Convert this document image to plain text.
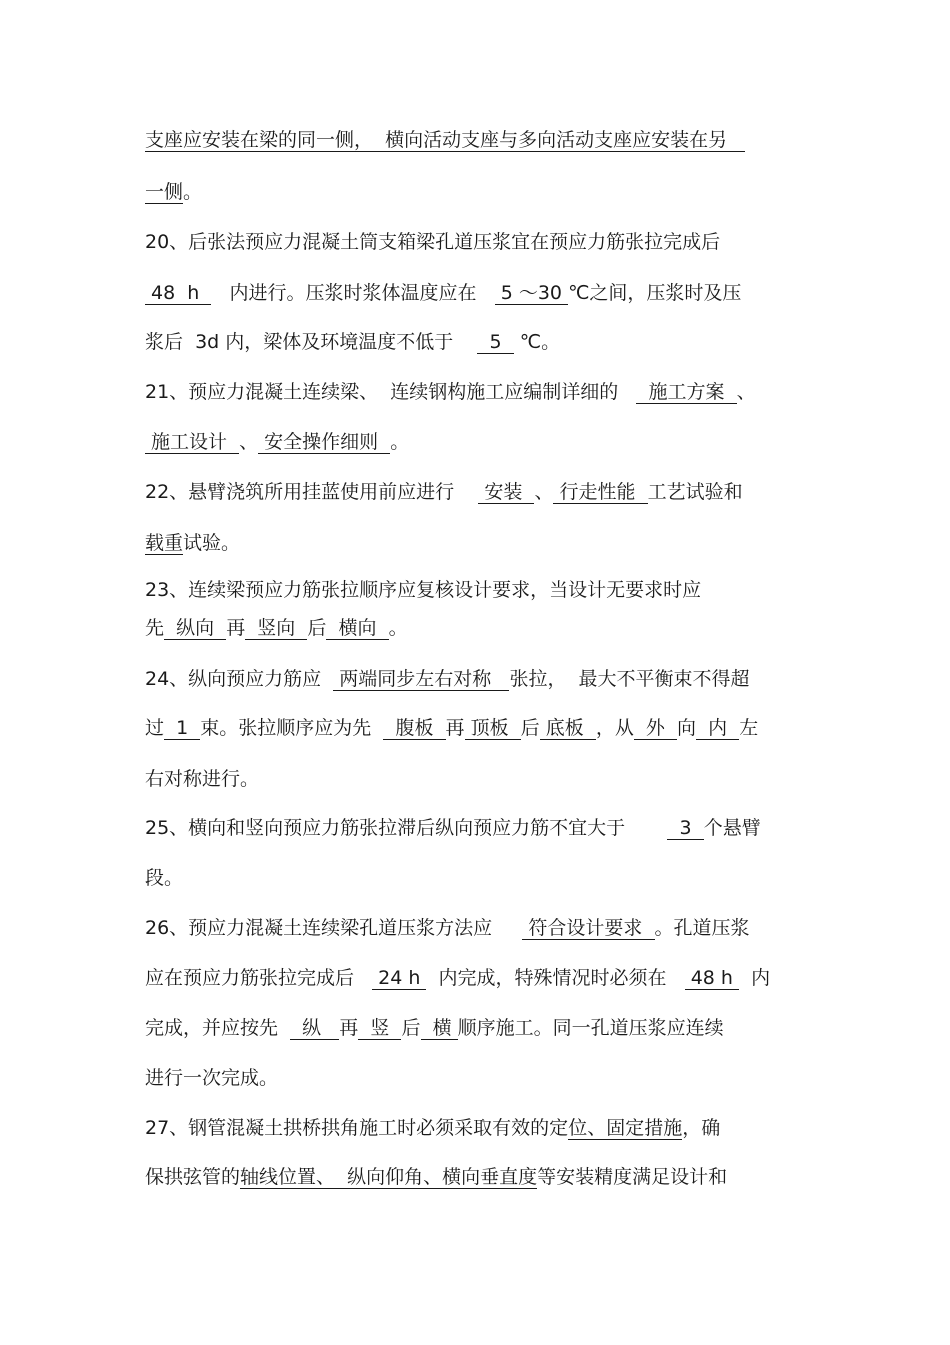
支座应安装在梁的同一侧，  横向活动支座与多向活动支座应安装在另
一侧。
20、后张法预应力混凝土筒支箱梁孔道压浆宜在预应力筋张拉完成后
48  h     内进行。压浆时浆体温度应在    5 ～30 ℃之间，压浆时及压
浆后  3d 内，梁体及环境温度不低于      5   ℃。
21、预应力混凝土连续梁、  连续钢构施工应编制详细的     施工方案  、
施工设计  、 安全操作细则  。
22、悬臂浇筑所用挂蓝使用前应进行     安装  、 行走性能  工艺试验和
载重试验。
23、连续梁预应力筋张拉顺序应复核设计要求，当设计无要求时应
先  纵向  再  竖向  后  横向  。
24、纵向预应力筋应   两端同步左右对称   张拉，  最大不平衡束不得超
过  1  束。张拉顺序应为先    腹板  再 顶板  后 底板  ，从  外  向  内  左
右对称进行。
25、横向和竖向预应力筋张拉滞后纵向预应力筋不宜大于         3  个悬臂
段。
26、预应力混凝土连续梁孔道压浆方法应      符合设计要求  。孔道压浆
应在预应力筋张拉完成后    24 h   内完成，特殊情况时必须在    48 h   内
完成，并应按先    纵   再  竖  后  横 顺序施工。同一孔道压浆应连续
进行一次完成。
27、钢管混凝土拱桥拱角施工时必须采取有效的定位、固定措施，确
保拱弦管的轴线位置、  纵向仰角、横向垂直度等安装精度满足设计和
